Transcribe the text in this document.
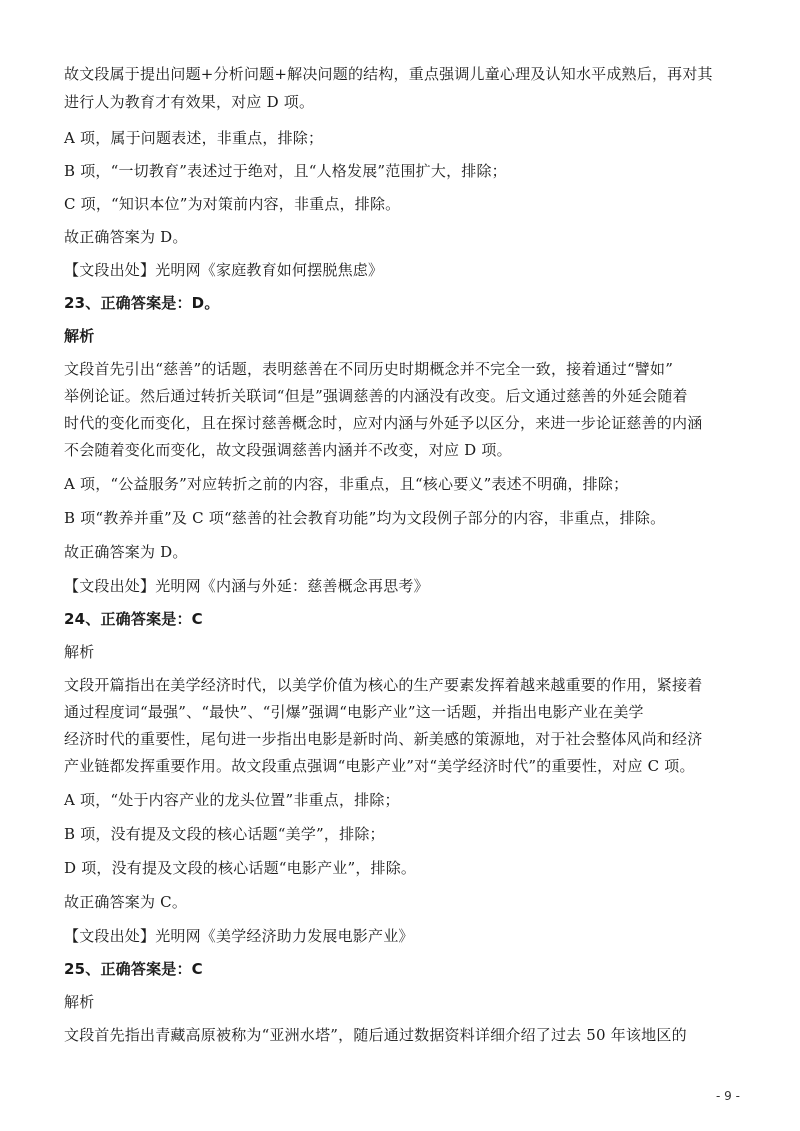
故文段属于提出问题+分析问题+解决问题的结构，重点强调儿童心理及认知水平成熟后，再对其

进行人为教育才有效果，对应 D 项。

A 项，属于问题表述，非重点，排除；

B 项，“一切教育”表述过于绝对，且“人格发展”范围扩大，排除；

C 项，“知识本位”为对策前内容，非重点，排除。

故正确答案为 D。

【文段出处】光明网《家庭教育如何摆脱焦虑》

23、正确答案是：D。

解析

文段首先引出“慈善”的话题，表明慈善在不同历史时期概念并不完全一致，接着通过“譬如”

举例论证。然后通过转折关联词“但是”强调慈善的内涵没有改变。后文通过慈善的外延会随着

时代的变化而变化，且在探讨慈善概念时，应对内涵与外延予以区分，来进一步论证慈善的内涵

不会随着变化而变化，故文段强调慈善内涵并不改变，对应 D 项。

A 项，“公益服务”对应转折之前的内容，非重点，且“核心要义”表述不明确，排除；

B 项“教养并重”及 C 项“慈善的社会教育功能”均为文段例子部分的内容，非重点，排除。

故正确答案为 D。

【文段出处】光明网《内涵与外延：慈善概念再思考》

24、正确答案是：C

解析

文段开篇指出在美学经济时代，以美学价值为核心的生产要素发挥着越来越重要的作用，紧接着

通过程度词“最强”、“最快”、“引爆”强调“电影产业”这一话题，并指出电影产业在美学

经济时代的重要性，尾句进一步指出电影是新时尚、新美感的策源地，对于社会整体风尚和经济

产业链都发挥重要作用。故文段重点强调“电影产业”对“美学经济时代”的重要性，对应 C 项。

A 项，“处于内容产业的龙头位置”非重点，排除；

B 项，没有提及文段的核心话题“美学”，排除；

D 项，没有提及文段的核心话题“电影产业”，排除。

故正确答案为 C。

【文段出处】光明网《美学经济助力发展电影产业》

25、正确答案是：C

解析

文段首先指出青藏高原被称为“亚洲水塔”，随后通过数据资料详细介绍了过去 50 年该地区的

- 9 -
